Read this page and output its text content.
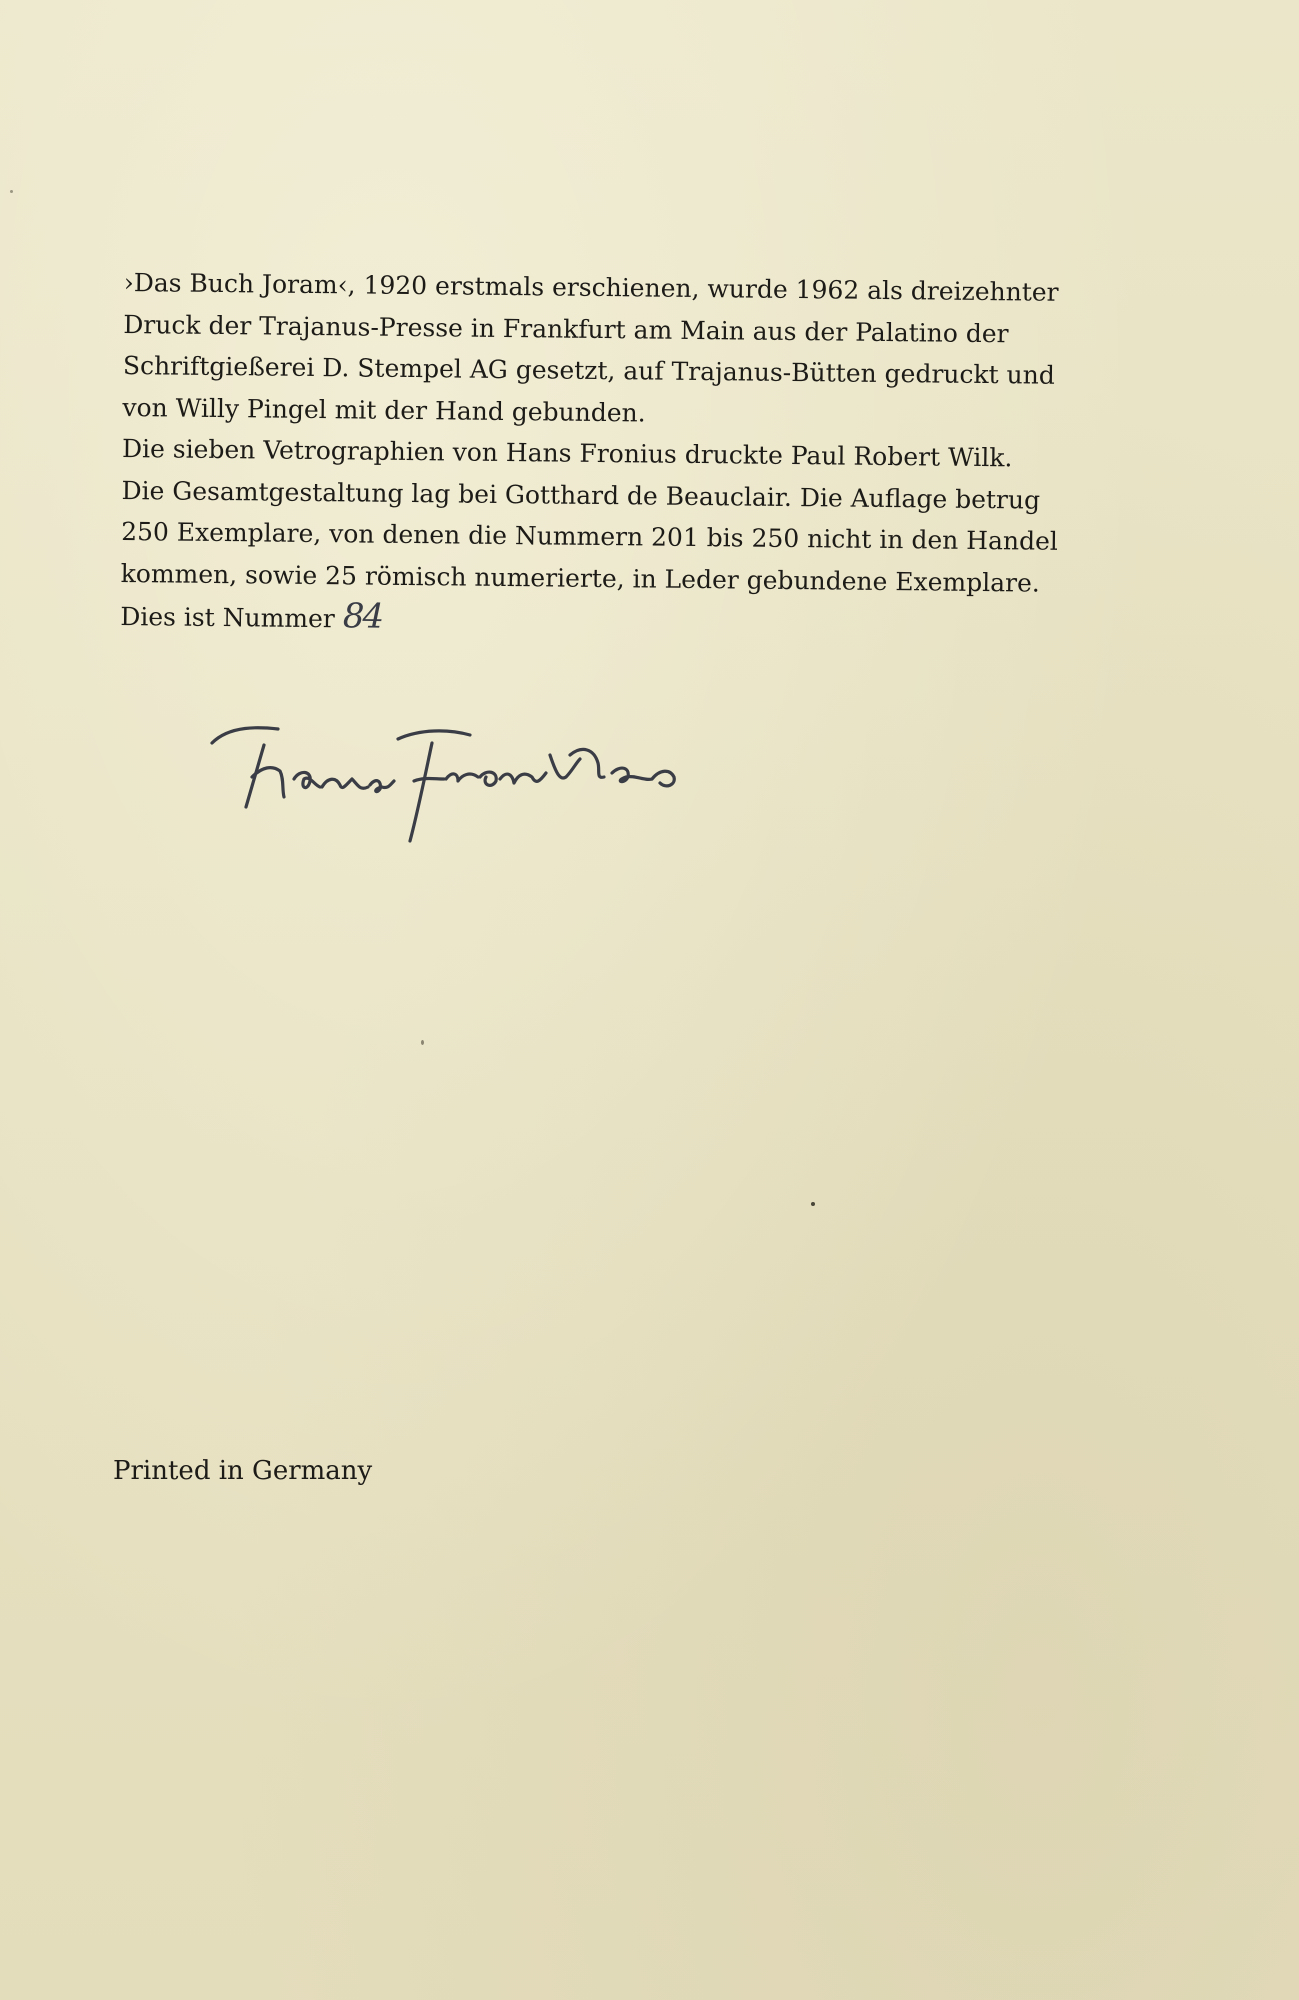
›Das Buch Joram‹, 1920 erstmals erschienen, wurde 1962 als dreizehnter
Druck der Trajanus-Presse in Frankfurt am Main aus der Palatino der
Schriftgießerei D. Stempel AG gesetzt, auf Trajanus-Bütten gedruckt und
von Willy Pingel mit der Hand gebunden.
Die sieben Vetrographien von Hans Fronius druckte Paul Robert Wilk.
Die Gesamtgestaltung lag bei Gotthard de Beauclair. Die Auflage betrug
250 Exemplare, von denen die Nummern 201 bis 250 nicht in den Handel
kommen, sowie 25 römisch numerierte, in Leder gebundene Exemplare.
Dies ist Nummer 84
Printed in Germany
